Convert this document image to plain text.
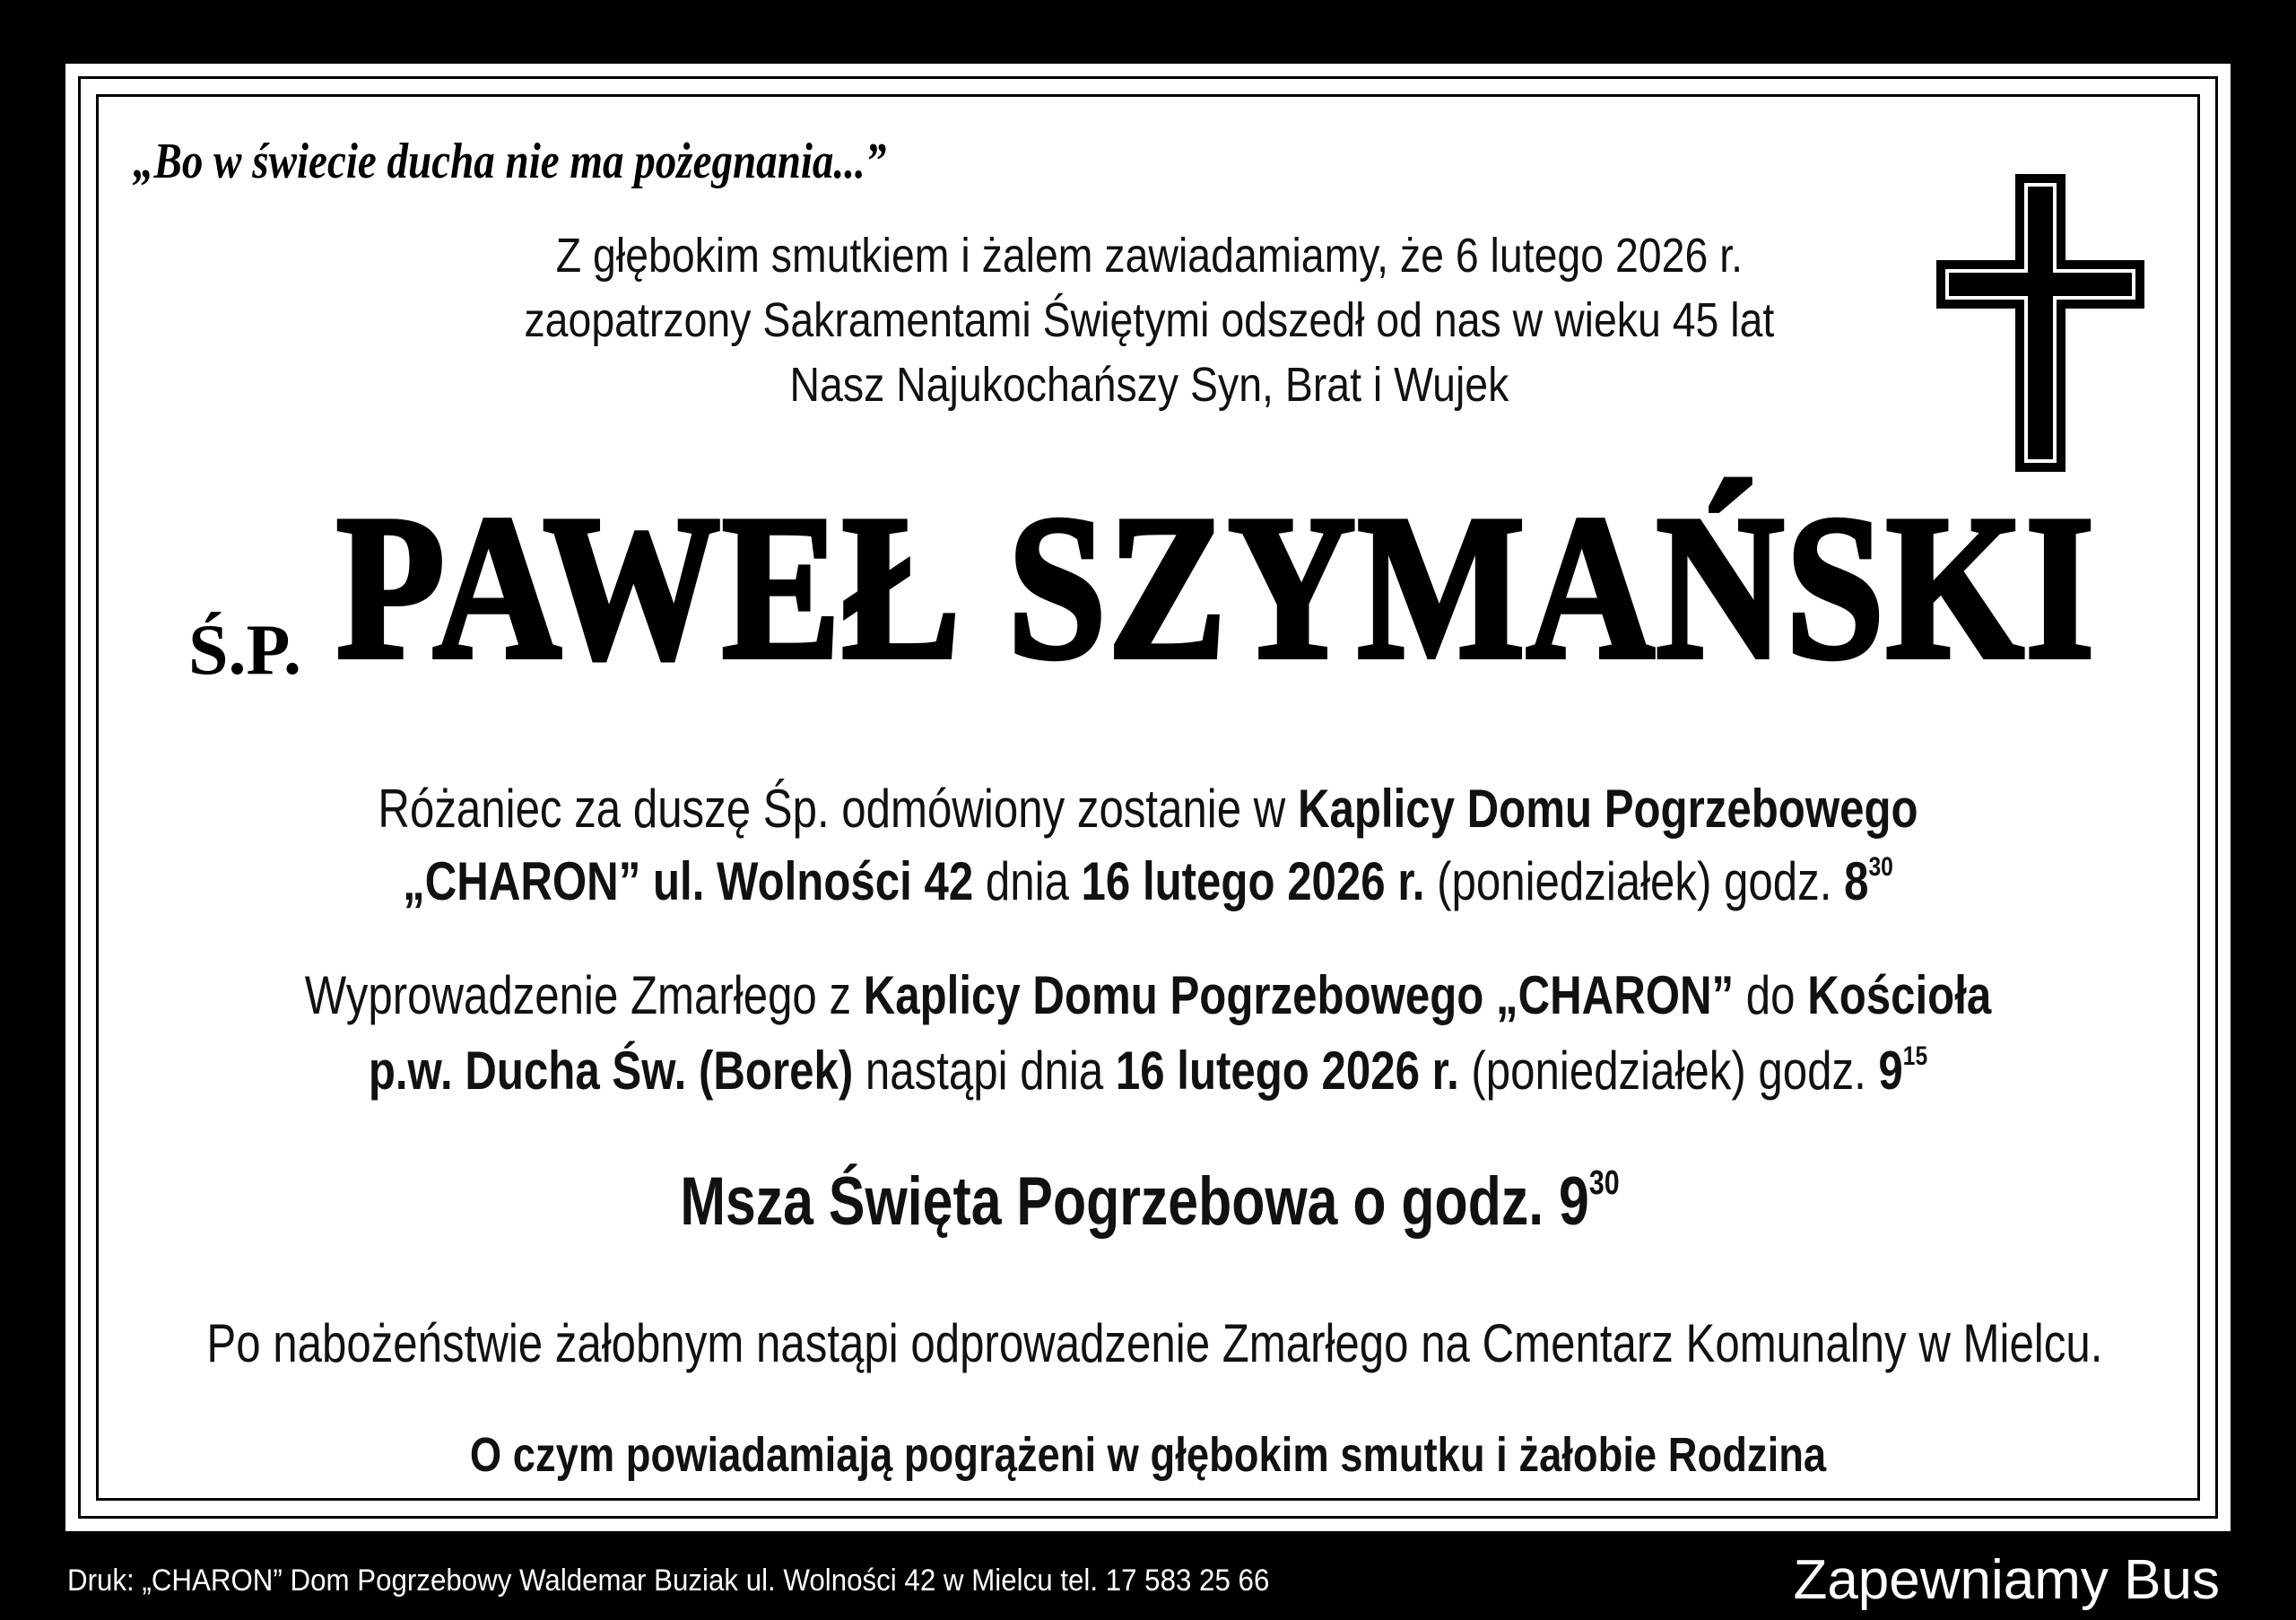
„Bo w świecie ducha nie ma pożegnania...”

Z głębokim smutkiem i żalem zawiadamiamy, że 6 lutego 2026 r.

zaopatrzony Sakramentami Świętymi odszedł od nas w wieku 45 lat

Nasz Najukochańszy Syn, Brat i Wujek

Ś.P. PAWEŁ SZYMAŃSKI

Różaniec za duszę Śp. odmówiony zostanie w Kaplicy Domu Pogrzebowego

„CHARON” ul. Wolności 42 dnia 16 lutego 2026 r. (poniedziałek) godz. $8^{30}$

Wyprowadzenie Zmarłego z Kaplicy Domu Pogrzebowego „CHARON” do Kościoła

p.w. Ducha Św. (Borek) nastąpi dnia 16 lutego 2026 r. (poniedziałek) godz. $9^{15}$

Msza Święta Pogrzebowa o godz. $9^{30}$

Po nabożeństwie żałobnym nastąpi odprowadzenie Zmarłego na Cmentarz Komunalny w Mielcu.

O czym powiadamiają pogrążeni w głębokim smutku i żałobie Rodzina

Druk: „CHARON” Dom Pogrzebowy Waldemar Buziak ul. Wolności 42 w Mielcu tel. 17 583 25 66	Zapewniamy Bus
